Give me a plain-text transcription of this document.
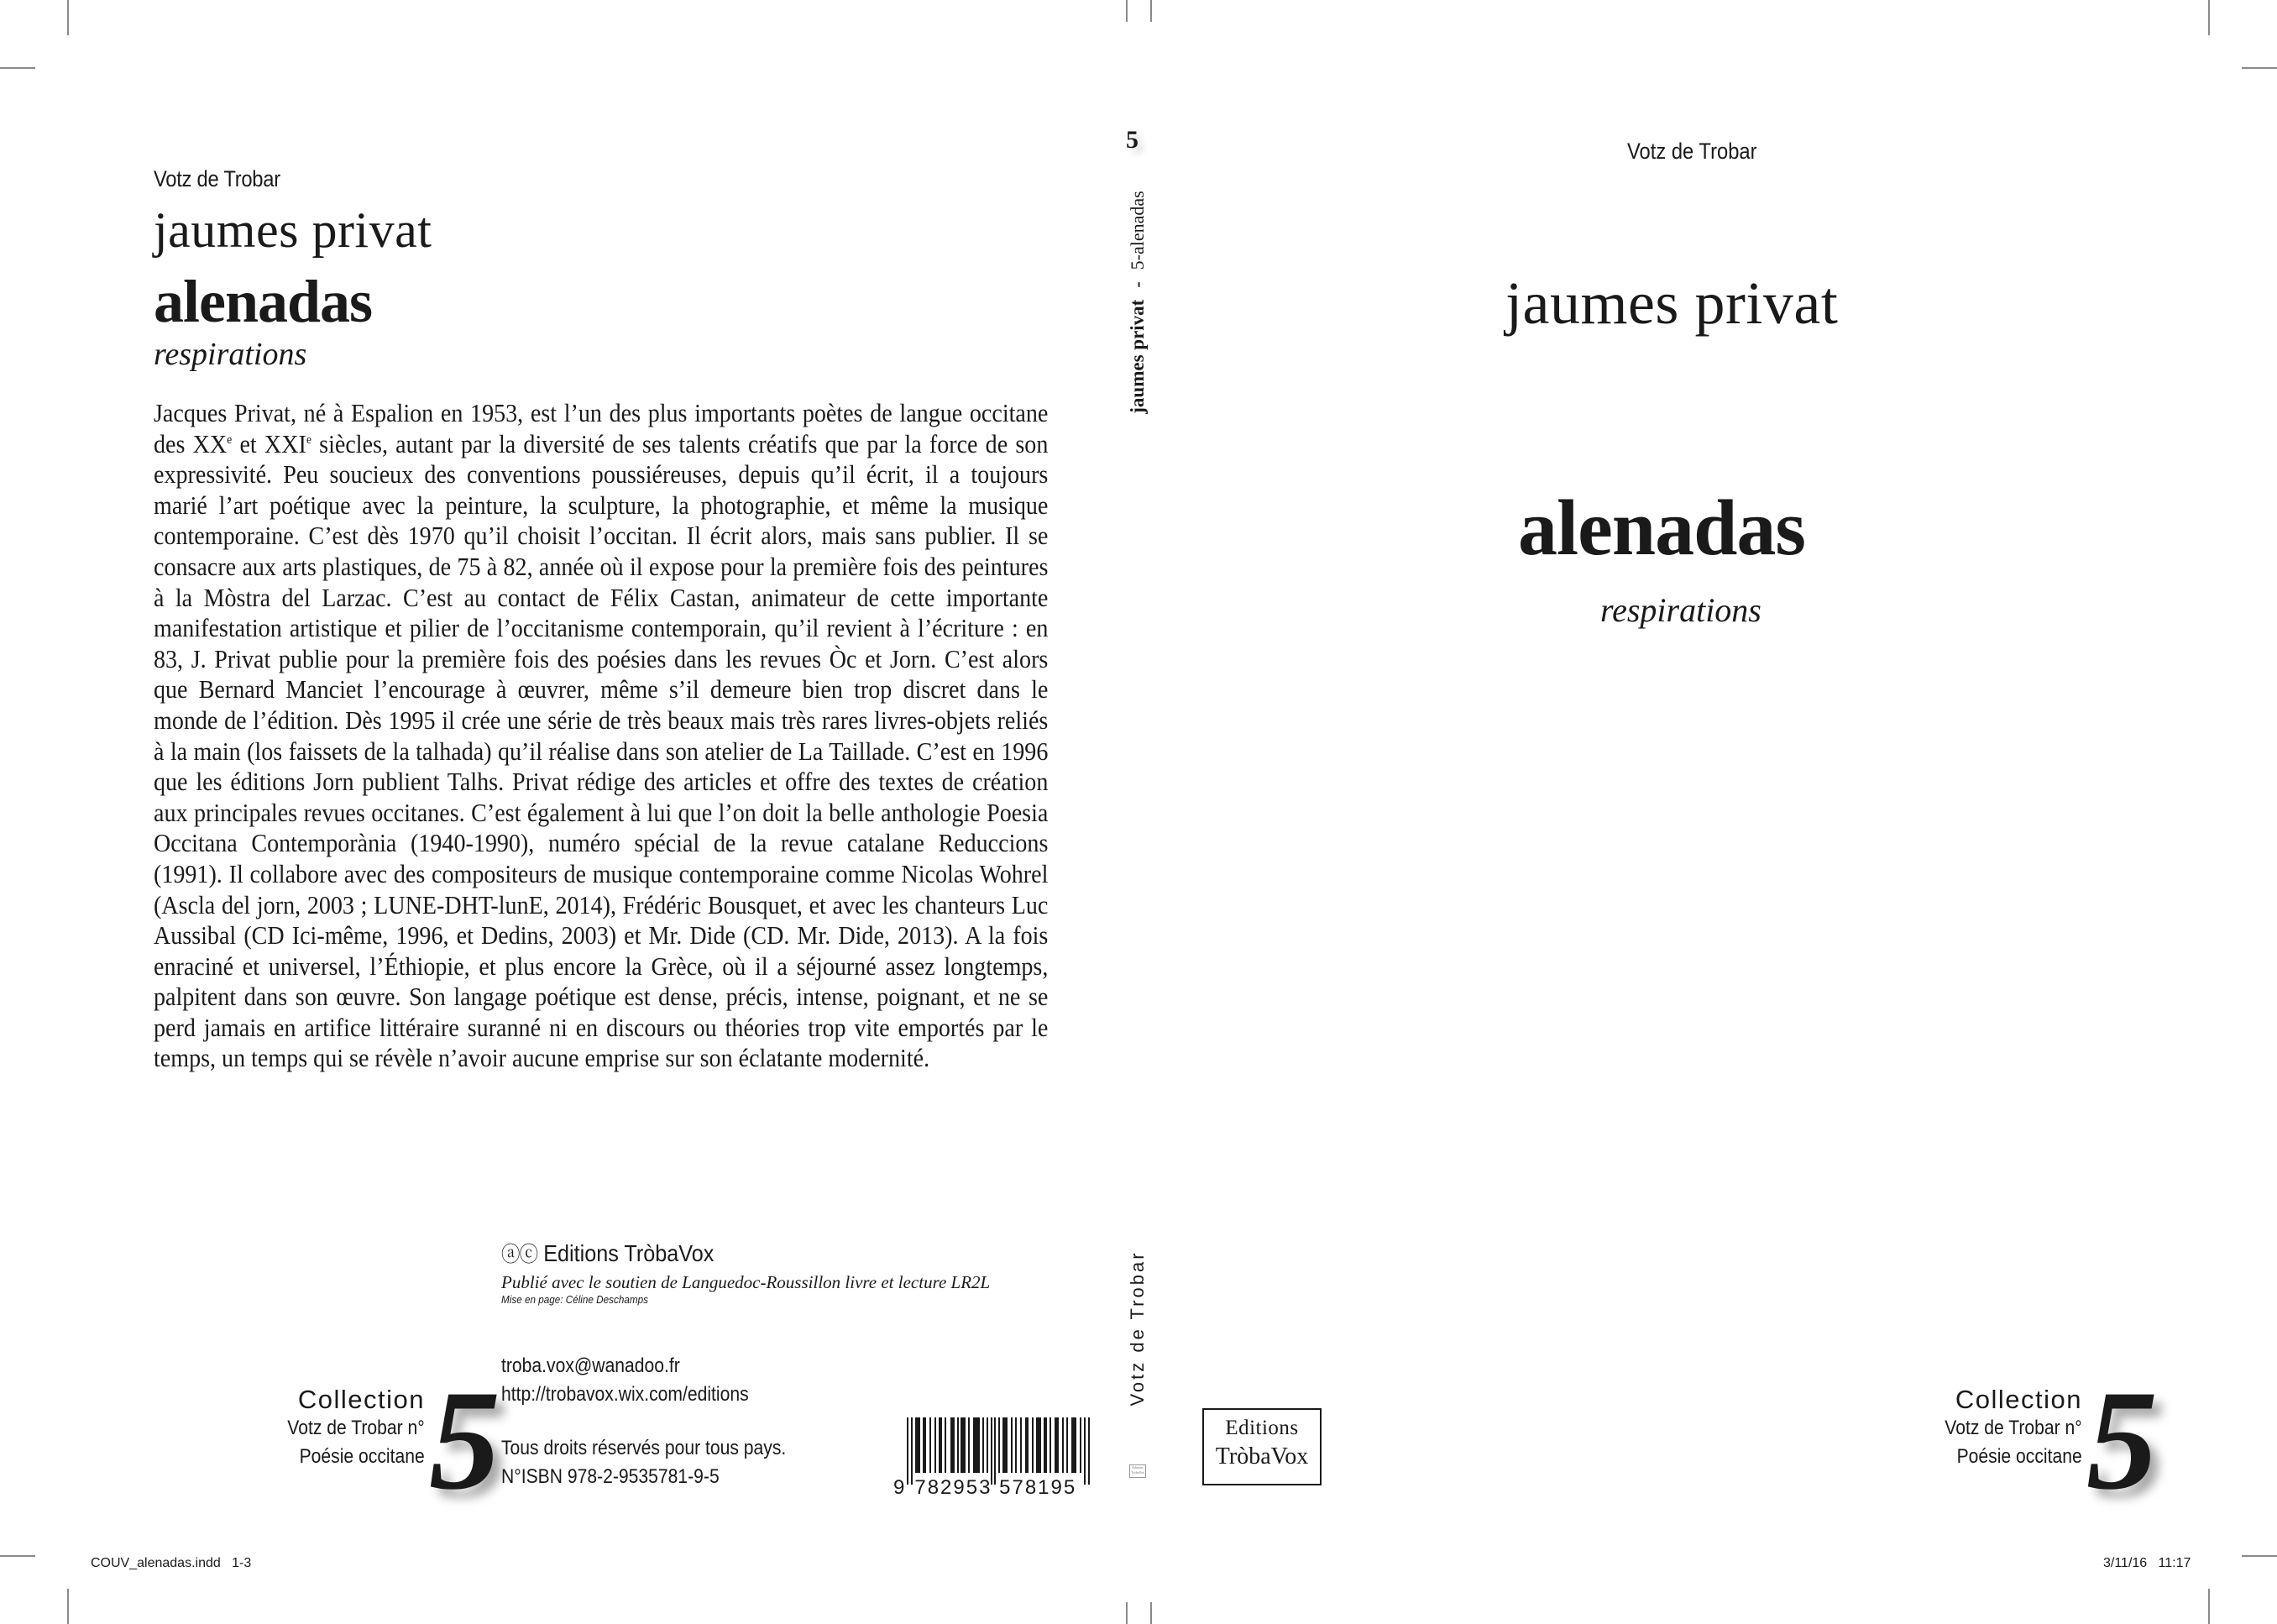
Votz de Trobar
jaumes privat
alenadas
respirations
Jacques Privat, né à Espalion en 1953, est l’un des plus importants poètes de langue occitane des XXe et XXIe siècles, autant par la diversité de ses talents créatifs que par la force de son expressivité. Peu soucieux des conventions poussiéreuses, depuis qu’il écrit, il a toujours marié l’art poétique avec la peinture, la sculpture, la photographie, et même la musique contemporaine. C’est dès 1970 qu’il choisit l’occitan. Il écrit alors, mais sans publier. Il se consacre aux arts plastiques, de 75 à 82, année où il expose pour la première fois des peintures à la Mòstra del Larzac. C’est au contact de Félix Castan, animateur de cette importante manifestation artistique et pilier de l’occitanisme contemporain, qu’il revient à l’écriture : en 83, J. Privat publie pour la première fois des poésies dans les revues Òc et Jorn. C’est alors que Bernard Manciet l’encourage à œuvrer, même s’il demeure bien trop discret dans le monde de l’édition. Dès 1995 il crée une série de très beaux mais très rares livres-objets reliés à la main (los faissets de la talhada) qu’il réalise dans son atelier de La Taillade. C’est en 1996 que les éditions Jorn publient Talhs. Privat rédige des articles et offre des textes de création aux principales revues occitanes. C’est également à lui que l’on doit la belle anthologie Poesia Occitana Contemporània (1940-1990), numéro spécial de la revue catalane Reduccions (1991). Il collabore avec des compositeurs de musique contemporaine comme Nicolas Wohrel (Ascla del jorn, 2003 ; LUNE-DHT-lunE, 2014), Frédéric Bousquet, et avec les chanteurs Luc Aussibal (CD Ici-même, 1996, et Dedins, 2003) et Mr. Dide (CD. Mr. Dide, 2013). A la fois enraciné et universel, l’Éthiopie, et plus encore la Grèce, où il a séjourné assez longtemps, palpitent dans son œuvre. Son langage poétique est dense, précis, intense, poignant, et ne se perd jamais en artifice littéraire suranné ni en discours ou théories trop vite emportés par le temps, un temps qui se révèle n’avoir aucune emprise sur son éclatante modernité.
ⓐⓒ Editions TròbaVox
Publié avec le soutien de Languedoc-Roussillon livre et lecture LR2L
Mise en page: Céline Deschamps
troba.vox@wanadoo.fr
http://trobavox.wix.com/editions
Tous droits réservés pour tous pays.
N°ISBN 978-2-9535781-9-5	9 782953 578195
Collection
Votz de Trobar n°
Poésie occitane 5
5
jaumes privat-5-alenadas
Votz de Trobar
Editions
TròbaVox
Editions
TròbaVox
Votz de Trobar
jaumes privat
alenadas
respirations
Collection
Votz de Trobar n°
Poésie occitane 5
COUV_alenadas.indd   1-3	3/11/16   11:17
